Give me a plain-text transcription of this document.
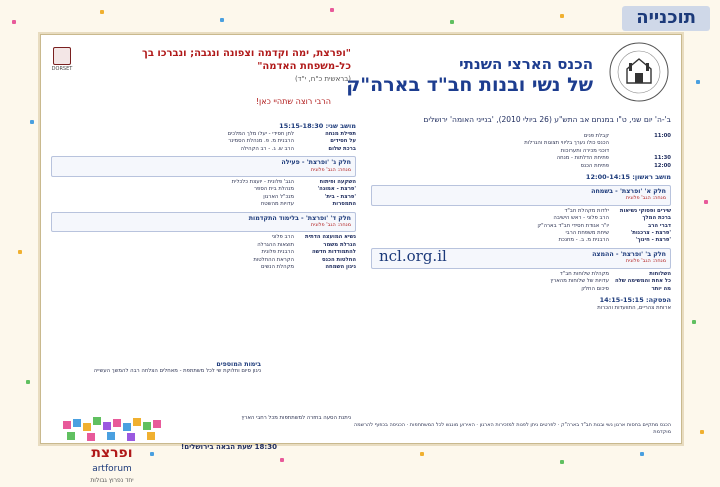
תוכנייה
הכנס הארצי השנתי
של נשי ובנות חב"ד בארה"ק
"ופרצת, ימה וקדמה וצפונה ונגבה; ונברכו בך כל-משפחת האדמה"
(בראשית כ"ח, י"ד)
DORSET
הרבי רוצה שתהיי כאן!
ב'-ה' יום שני, ט"ו במנחם אב התש"ע (26 ביולי 2010), 'בנייני האומה' ירושלים
11:00
קבלת פנים
הכנס כולו נערך בליווי תצוגות והגרלות
דוכני מכירה ותערוכות
11:30
פתיחת הדלתות - מנחה
12:00
פתיחת הכנס
מושב ראשון: 12:00-14:15
חלק א' 'ופרצת' - בשמחה
מנחה: הגב' פלונית
שירים ופסוקי נשיאות
ילדות מקהלת חב"ד
ברכת המלך
הרב פלוני - ראש הישיבה
דברי הרב
יו"ר אגודת חסידי חב"ד בארה"ק
'פרצת - צרכנות'
שיחת משפחת הרבי
'פרצת - חינוך'
הרבנית מ. ב. - מחנכת
חלק ב' 'ופרצת' - ההמצה
מנחה: הגב' פלונית
השלוחות
מקהלת שלוחות חב"ד
כל אחת והמשימה שלה
עדויות של שלוחות מהארץ
מה יותר
סיכום החלק
הפסקה: 14:15-15:15
ארוחת צהריים, התוועדות והכרות
ncl.org.il
מושב שני: 15:15-18:30
תפילת מנחה
לחן חסידי - יעלו מלך המלכים
על חסידים
הרבנית מ. פ. מנהלת הסמינר
ברכת שלום
הרב ש. ג. - רב הקהילה
חלק ג' 'ופרצת' - פעילה
מנחה: הגב' פלונית
השקעה ופיתוח
הגב' פלונית - יועצת כלכלית
'פרצת - אמונה'
מנהלת בית הספר
'פרצת - בית'
מנכ"ל הארגון
התמסרות
עדויות מהשטח
חלק ד' 'ופרצת' - בלימוד התקדמות
מנחה: הגב' פלונית
נשיא המועצה הדתית
הרב פלוני
הגרלת משמר
תוצאות ההגרלה
להתמודדות חדשה
הרבנית פלונית
החלטות הכנס
הקראת ההחלטות
ניגון השמחה
מקהלת הנשים
בימות המוספים
ניגון סיום וחלוקת שי לכל משתתפת - מאחלים הצלחה רבה להמשך העשייה
ניתנת הסעה בחזרה למשתתפות מכל רחבי הארץ
18:30 שעת הבאה בירושלים!
ופרצת
artforum
יחד נפרוץ גבולות
הכנס מתקיים בחסות ארגון נשי ובנות חב"ד בארה"ק · לפרטים ניתן לפנות למזכירות הארגון · האירוע מונגש לכל המשתתפות · הכניסה בכפוף להרשמה מוקדמת
